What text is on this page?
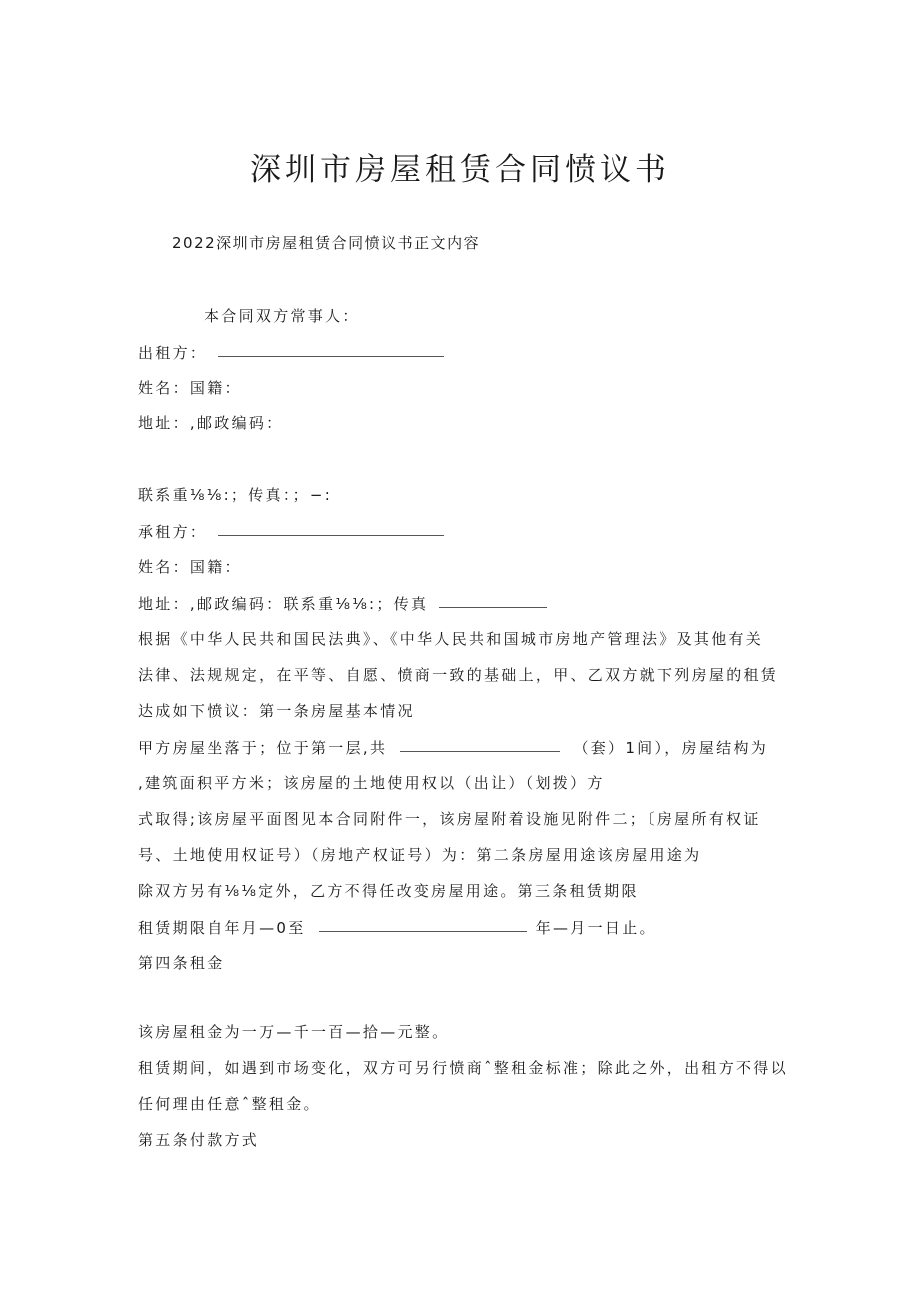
深圳市房屋租赁合同愤议书
2022深圳市房屋租赁合同愤议书正文内容
本合同双方常事人：
出租方：
姓名：国籍：
地址：,邮政编码：
联系重⅛⅛:；传真：；−:
承租方：
姓名：国籍：
地址：,邮政编码：联系重⅛⅛:；传真
根据《中华人民共和国民法典》、《中华人民共和国城市房地产管理法》及其他有关
法律、法规规定，在平等、自愿、愤商一致的基础上，甲、乙双方就下列房屋的租赁
达成如下愤议：第一条房屋基本情况
甲方房屋坐落于；位于第一层,共	（套）1间），房屋结构为
,建筑面积平方米；该房屋的土地使用权以（出让）（划拨）方
式取得;该房屋平面图见本合同附件一，该房屋附着设施见附件二；〔房屋所有权证
号、土地使用权证号）（房地产权证号）为：第二条房屋用途该房屋用途为
除双方另有⅛⅛定外，乙方不得任改变房屋用途。第三条租赁期限
租赁期限自年月—0至	年—月一日止。
第四条租金
该房屋租金为一万—千一百—拾—元整。
租赁期间，如遇到市场变化，双方可另行愤商ˆ整租金标准；除此之外，出租方不得以
任何理由任意ˆ整租金。
第五条付款方式
